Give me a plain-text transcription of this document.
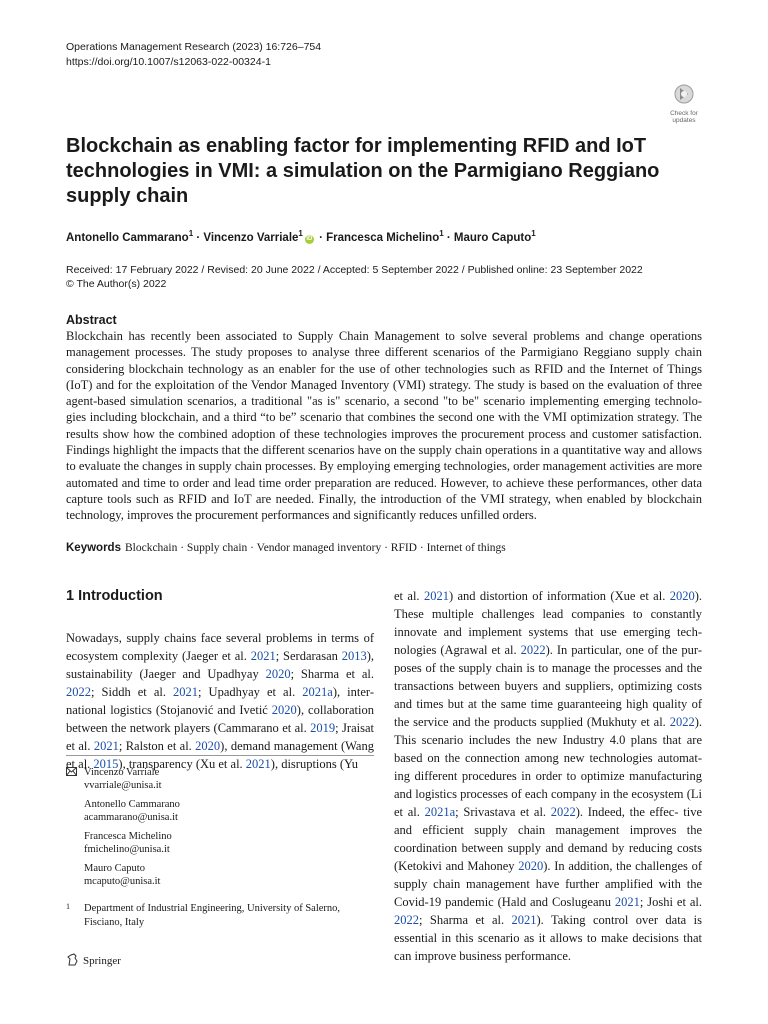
Operations Management Research (2023) 16:726–754
https://doi.org/10.1007/s12063-022-00324-1
Check for
updates
Blockchain as enabling factor for implementing RFID and IoT technologies in VMI: a simulation on the Parmigiano Reggiano supply chain
Antonello Cammarano$^1$ · Vincenzo Varriale$^1$iD · Francesca Michelino$^1$ · Mauro Caputo$^1$
Received: 17 February 2022 / Revised: 20 June 2022 / Accepted: 5 September 2022 / Published online: 23 September 2022
© The Author(s) 2022
Abstract

Blockchain has recently been associated to Supply Chain Management to solve several problems and change operations management processes. The study proposes to analyse three different scenarios of the Parmigiano Reggiano supply chain considering blockchain technology as an enabler for the use of other technologies such as RFID and the Internet of Things (IoT) and for the exploitation of the Vendor Managed Inventory (VMI) strategy. The study is based on the evaluation of three agent-based simulation scenarios, a traditional "as is" scenario, a second "to be" scenario implementing emerging technolo- gies including blockchain, and a third “to be” scenario that combines the second one with the VMI optimization strategy. The results show how the combined adoption of these technologies improves the procurement process and customer satisfaction. Findings highlight the impacts that the different scenarios have on the supply chain operations in a quantitative way and allows to evaluate the changes in supply chain processes. By employing emerging technologies, order management activities are more automated and time to order and lead time order preparation are reduced. However, to achieve these performances, other data capture tools such as RFID and IoT are needed. Finally, the introduction of the VMI strategy, when enabled by blockchain technology, improves the procurement performances and significantly reduces unfilled orders.

Keywords Blockchain · Supply chain · Vendor managed inventory · RFID · Internet of things
1 Introduction

Nowadays, supply chains face several problems in terms of ecosystem complexity (Jaeger et al. 2021; Serdarasan 2013), sustainability (Jaeger and Upadhyay 2020; Sharma et al. 2022; Siddh et al. 2021; Upadhyay et al. 2021a), inter- national logistics (Stojanović and Ivetić 2020), collaboration between the network players (Cammarano et al. 2019; Jraisat et al. 2021; Ralston et al. 2020), demand management (Wang et al. 2015), transparency (Xu et al. 2021), disruptions (Yu

et al. 2021) and distortion of information (Xue et al. 2020). These multiple challenges lead companies to constantly innovate and implement systems that use emerging tech- nologies (Agrawal et al. 2022). In particular, one of the pur- poses of the supply chain is to manage the processes and the transactions between buyers and suppliers, optimizing costs and times but at the same time guaranteeing high quality of the service and the products supplied (Mukhuty et al. 2022). This scenario includes the new Industry 4.0 plans that are based on the connection among new technologies automat- ing different procedures in order to optimize manufacturing and logistics processes of each company in the ecosystem (Li et al. 2021a; Srivastava et al. 2022). Indeed, the effec- tive and efficient supply chain management improves the coordination between supply and demand by reducing costs (Ketokivi and Mahoney 2020). In addition, the challenges of supply chain management have further amplified with the Covid-19 pandemic (Hald and Coslugeanu 2021; Joshi et al. 2022; Sharma et al. 2021). Taking control over data is essential in this scenario as it allows to make decisions that can improve business performance.

Vincenzo Varriale
vvarriale@unisa.it
Antonello Cammarano
acammarano@unisa.it
Francesca Michelino
fmichelino@unisa.it
Mauro Caputo
mcaputo@unisa.it
1 Department of Industrial Engineering, University of Salerno,
Fisciano, Italy
Springer
